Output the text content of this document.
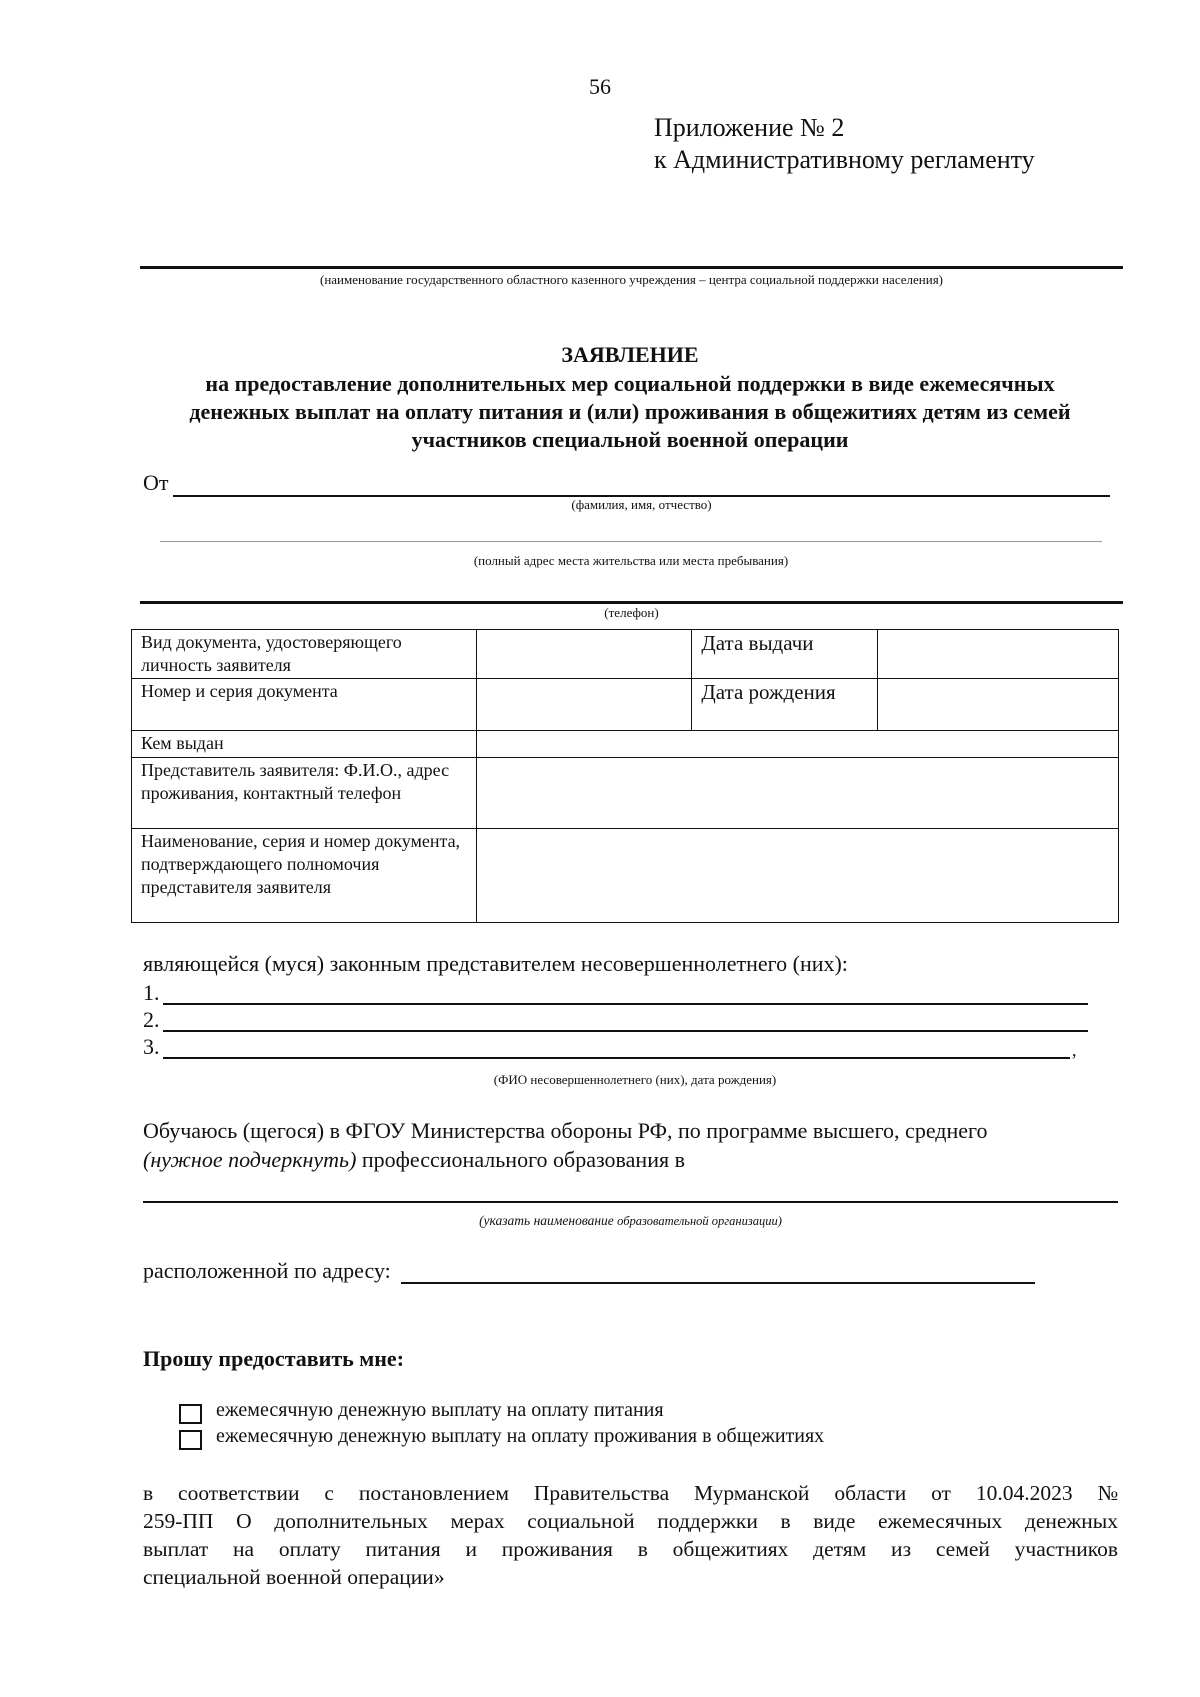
56
Приложение № 2
к Административному регламенту
(наименование государственного областного казенного учреждения – центра социальной поддержки населения)
ЗАЯВЛЕНИЕ
на предоставление дополнительных мер социальной поддержки в виде ежемесячных
денежных выплат на оплату питания и (или) проживания в общежитиях детям из семей
участников специальной военной операции
От
(фамилия, имя, отчество)
(полный адрес места жительства или места пребывания)
(телефон)
Вид документа, удостоверяющего личность заявителя		Дата выдачи	
Номер и серия документа		Дата рождения	
Кем выдан			
Представитель заявителя: Ф.И.О., адрес проживания, контактный телефон			
Наименование, серия и номер документа, подтверждающего полномочия представителя заявителя			
являющейся (муся) законным представителем несовершеннолетнего (них):
1.
2.
3.	,
(ФИО несовершеннолетнего (них), дата рождения)
Обучаюсь (щегося) в ФГОУ Министерства обороны РФ, по программе высшего, среднего
(нужное подчеркнуть) профессионального образования в
(указать наименование образовательной организации)
расположенной по адресу:
Прошу предоставить мне:
ежемесячную денежную выплату на оплату питания
ежемесячную денежную выплату на оплату проживания в общежитиях
в соответствии с постановлением Правительства Мурманской области от 10.04.2023 №
259-ПП О дополнительных мерах социальной поддержки в виде ежемесячных денежных
выплат на оплату питания и проживания в общежитиях детям из семей участников
специальной военной операции»
